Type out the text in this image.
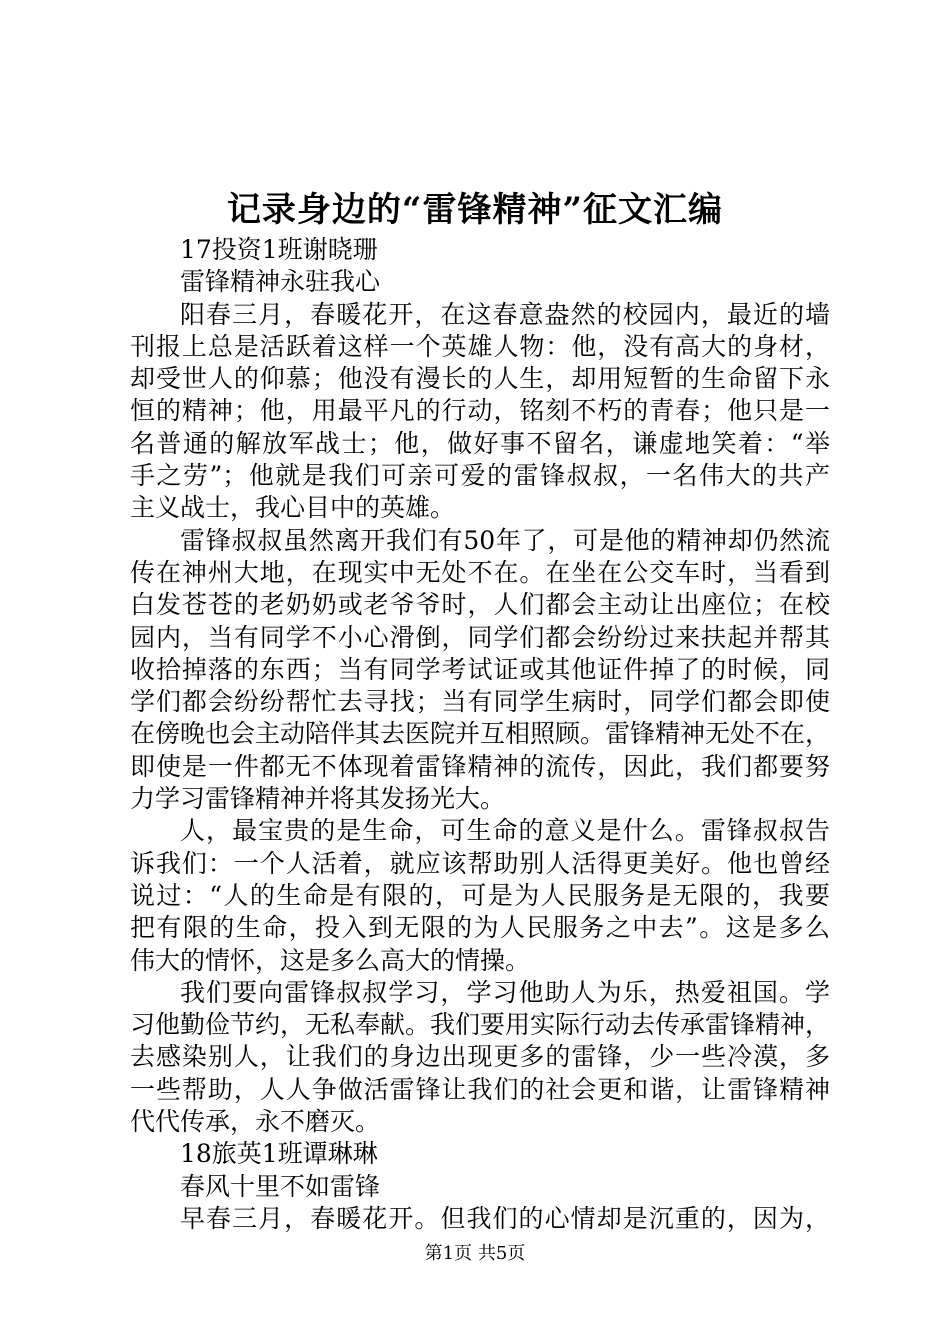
记录身边的“雷锋精神”征文汇编
17投资1班谢晓珊
雷锋精神永驻我心
阳春三月，春暖花开，在这春意盎然的校园内，最近的墙
刊报上总是活跃着这样一个英雄人物：他，没有高大的身材，
却受世人的仰慕；他没有漫长的人生，却用短暂的生命留下永
恒的精神；他，用最平凡的行动，铭刻不朽的青春；他只是一
名普通的解放军战士；他，做好事不留名，谦虚地笑着：“举
手之劳”；他就是我们可亲可爱的雷锋叔叔，一名伟大的共产
主义战士，我心目中的英雄。
雷锋叔叔虽然离开我们有50年了，可是他的精神却仍然流
传在神州大地，在现实中无处不在。在坐在公交车时，当看到
白发苍苍的老奶奶或老爷爷时，人们都会主动让出座位；在校
园内，当有同学不小心滑倒，同学们都会纷纷过来扶起并帮其
收拾掉落的东西；当有同学考试证或其他证件掉了的时候，同
学们都会纷纷帮忙去寻找；当有同学生病时，同学们都会即使
在傍晚也会主动陪伴其去医院并互相照顾。雷锋精神无处不在，
即使是一件都无不体现着雷锋精神的流传，因此，我们都要努
力学习雷锋精神并将其发扬光大。
人，最宝贵的是生命，可生命的意义是什么。雷锋叔叔告
诉我们：一个人活着，就应该帮助别人活得更美好。他也曾经
说过：“人的生命是有限的，可是为人民服务是无限的，我要
把有限的生命，投入到无限的为人民服务之中去”。这是多么
伟大的情怀，这是多么高大的情操。
我们要向雷锋叔叔学习，学习他助人为乐，热爱祖国。学
习他勤俭节约，无私奉献。我们要用实际行动去传承雷锋精神，
去感染别人，让我们的身边出现更多的雷锋，少一些冷漠，多
一些帮助，人人争做活雷锋让我们的社会更和谐，让雷锋精神
代代传承，永不磨灭。
18旅英1班谭琳琳
春风十里不如雷锋
早春三月，春暖花开。但我们的心情却是沉重的，因为，
第1页 共5页
